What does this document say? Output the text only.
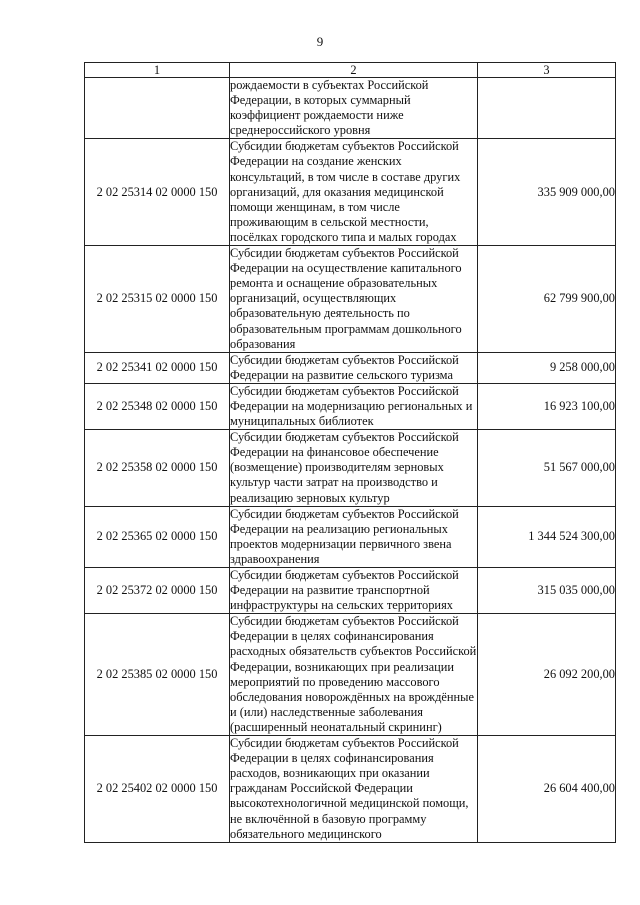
9
1	2	3
	рождаемости в субъектах Российской Федерации, в которых суммарный коэффициент рождаемости ниже среднероссийского уровня	
2 02 25314 02 0000 150	Субсидии бюджетам субъектов Российской Федерации на создание женских консультаций, в том числе в составе других организаций, для оказания медицинской помощи женщинам, в том числе проживающим в сельской местности, посёлках городского типа и малых городах	335 909 000,00
2 02 25315 02 0000 150	Субсидии бюджетам субъектов Российской Федерации на осуществление капитального ремонта и оснащение образовательных организаций, осуществляющих образовательную деятельность по образовательным программам дошкольного образования	62 799 900,00
2 02 25341 02 0000 150	Субсидии бюджетам субъектов Российской Федерации на развитие сельского туризма	9 258 000,00
2 02 25348 02 0000 150	Субсидии бюджетам субъектов Российской Федерации на модернизацию региональных и муниципальных библиотек	16 923 100,00
2 02 25358 02 0000 150	Субсидии бюджетам субъектов Российской Федерации на финансовое обеспечение (возмещение) производителям зерновых культур части затрат на производство и реализацию зерновых культур	51 567 000,00
2 02 25365 02 0000 150	Субсидии бюджетам субъектов Российской Федерации на реализацию региональных проектов модернизации первичного звена здравоохранения	1 344 524 300,00
2 02 25372 02 0000 150	Субсидии бюджетам субъектов Российской Федерации на развитие транспортной инфраструктуры на сельских территориях	315 035 000,00
2 02 25385 02 0000 150	Субсидии бюджетам субъектов Российской Федерации в целях софинансирования расходных обязательств субъектов Российской Федерации, возникающих при реализации мероприятий по проведению массового обследования новорождённых на врождённые и (или) наследственные заболевания (расширенный неонатальный скрининг)	26 092 200,00
2 02 25402 02 0000 150	Субсидии бюджетам субъектов Российской Федерации в целях софинансирования расходов, возникающих при оказании гражданам Российской Федерации высокотехнологичной медицинской помощи, не включённой в базовую программу обязательного медицинского	26 604 400,00
